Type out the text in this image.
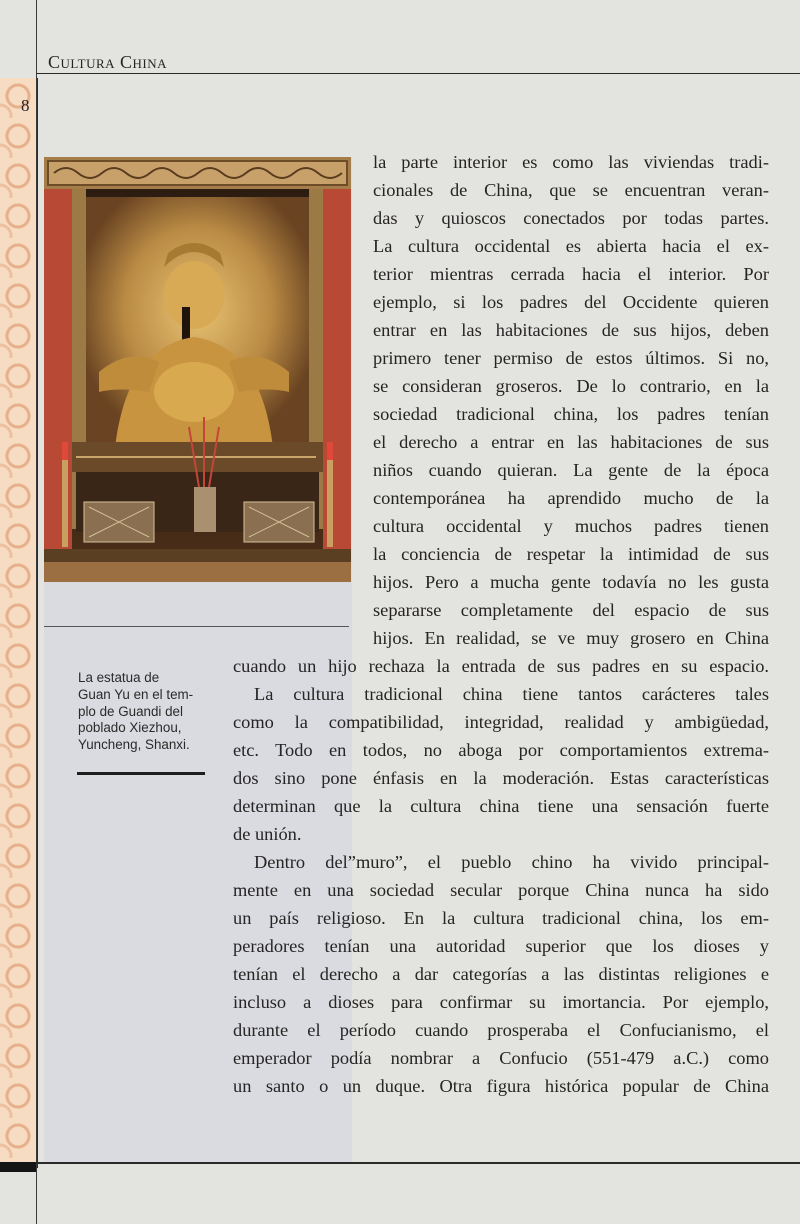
Cultura China
8
La estatua de
Guan Yu en el tem-
plo de Guandi del
poblado Xiezhou,
Yuncheng, Shanxi.
la parte interior es como las viviendas tradi-
cionales de China, que se encuentran veran-
das y quioscos conectados por todas partes.
La cultura occidental es abierta hacia el ex-
terior mientras cerrada hacia el interior. Por
ejemplo, si los padres del Occidente quieren
entrar en las habitaciones de sus hijos, deben
primero tener permiso de estos últimos. Si no,
se consideran groseros. De lo contrario, en la
sociedad tradicional china, los padres tenían
el derecho a entrar en las habitaciones de sus
niños cuando quieran. La gente de la época
contemporánea ha aprendido mucho de la
cultura occidental y muchos padres tienen
la conciencia de respetar la intimidad de sus
hijos. Pero a mucha gente todavía no les gusta
separarse completamente del espacio de sus
hijos. En realidad, se ve muy grosero en China
cuando un hijo rechaza la entrada de sus padres en su espacio.
La cultura tradicional china tiene tantos carácteres tales
como la compatibilidad, integridad, realidad y ambigüedad,
etc. Todo en todos, no aboga por comportamientos extrema-
dos sino pone énfasis en la moderación. Estas características
determinan que la cultura china tiene una sensación fuerte
de unión.
Dentro del”muro”, el pueblo chino ha vivido principal-
mente en una sociedad secular porque China nunca ha sido
un país religioso. En la cultura tradicional china, los em-
peradores tenían una autoridad superior que los dioses y
tenían el derecho a dar categorías a las distintas religiones e
incluso a dioses para confirmar su imortancia. Por ejemplo,
durante el período cuando prosperaba el Confucianismo, el
emperador podía nombrar a Confucio (551-479 a.C.) como
un santo o un duque. Otra figura histórica popular de China
